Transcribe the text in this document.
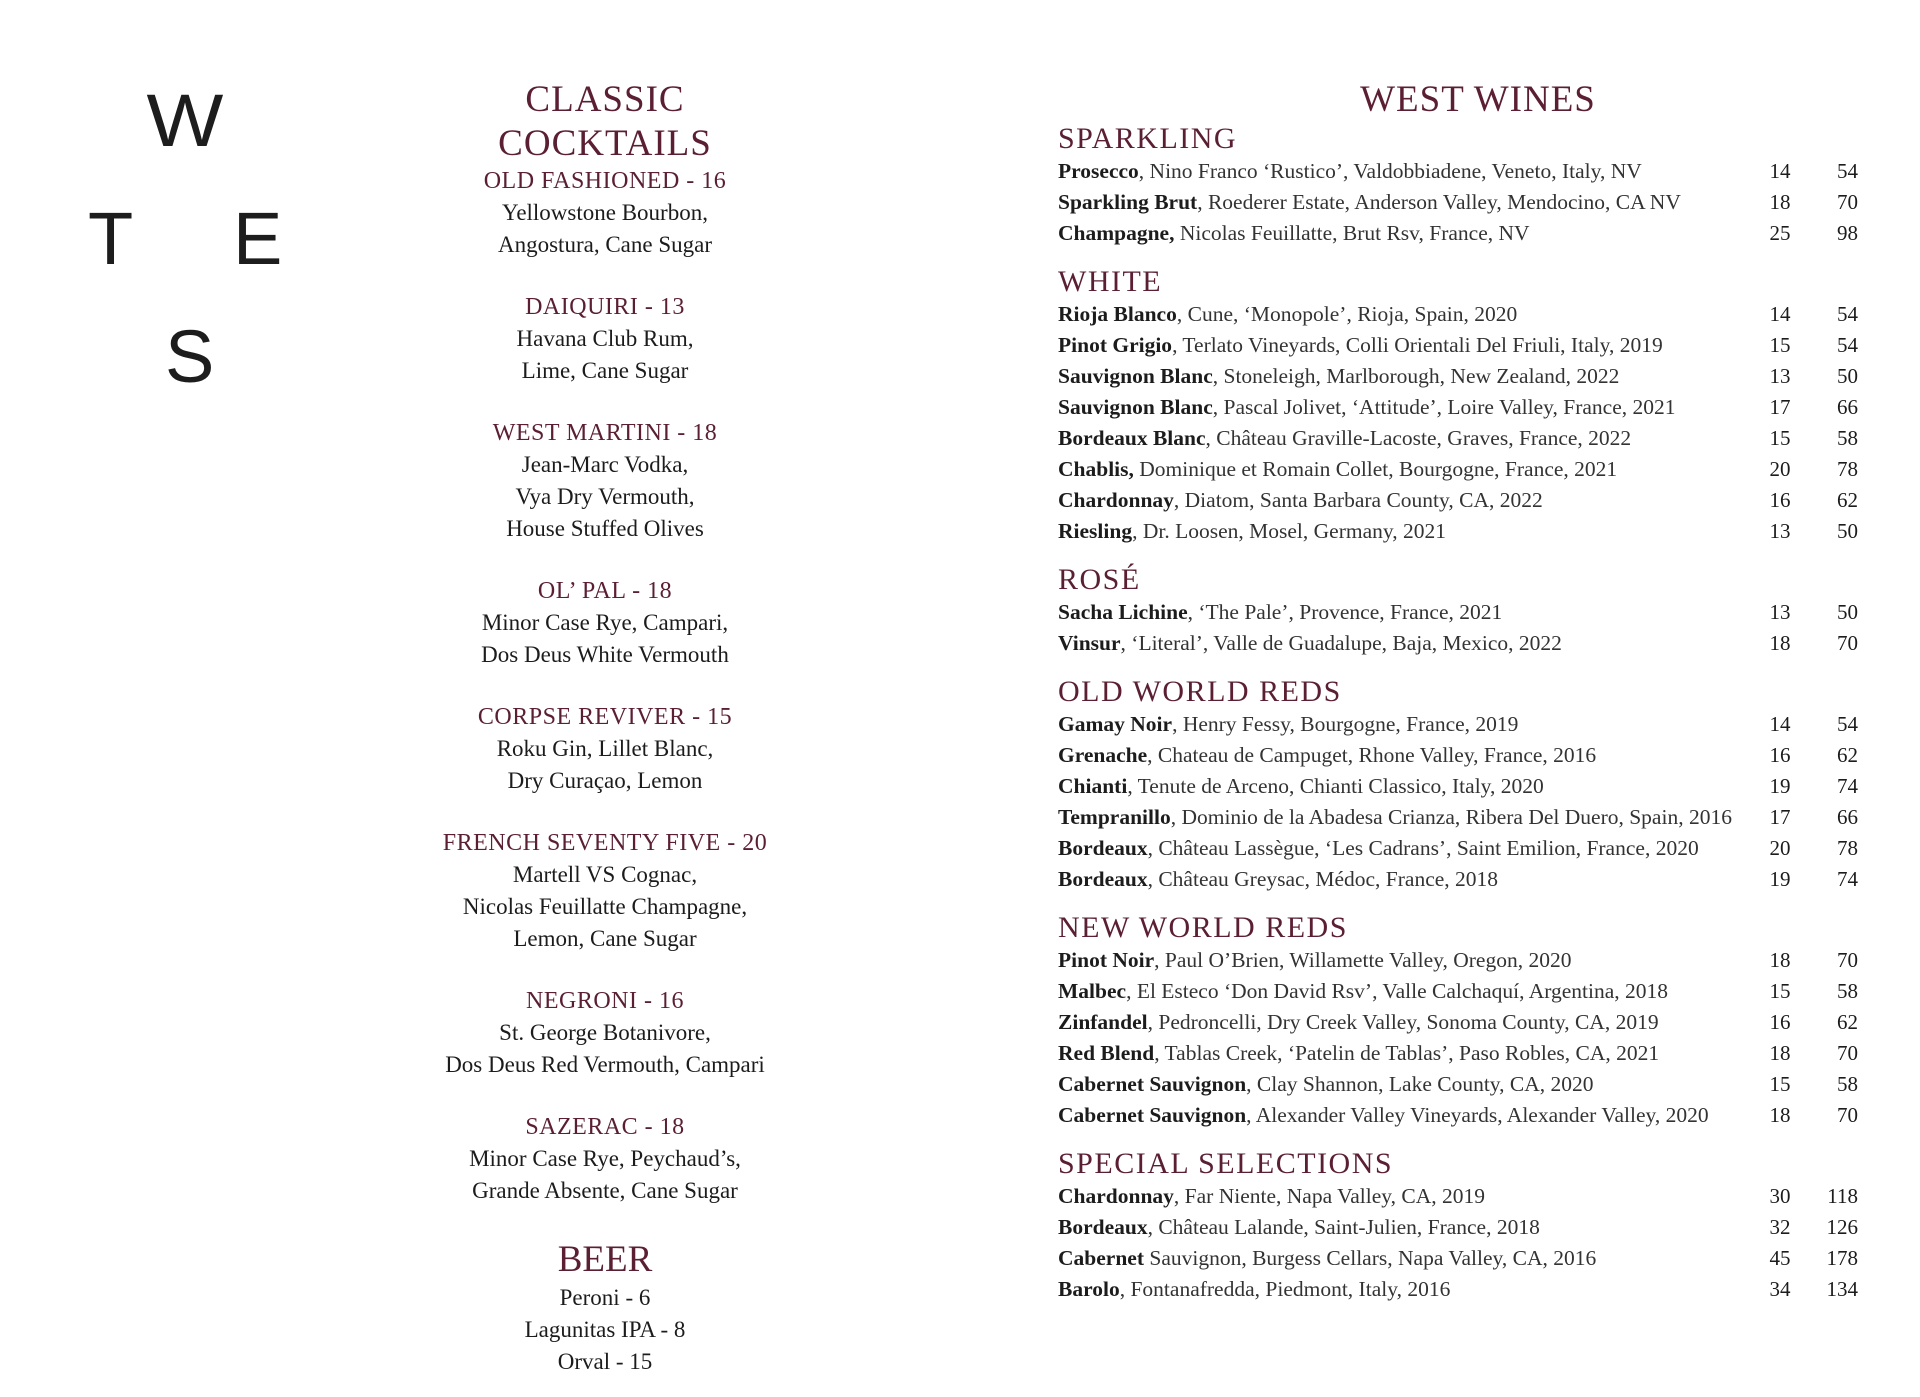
W
T E
S
CLASSIC COCKTAILS
OLD FASHIONED - 16
Yellowstone Bourbon,
Angostura, Cane Sugar
DAIQUIRI - 13
Havana Club Rum,
Lime, Cane Sugar
WEST MARTINI - 18
Jean-Marc Vodka,
Vya Dry Vermouth,
House Stuffed Olives
OL’ PAL - 18
Minor Case Rye, Campari,
Dos Deus White Vermouth
CORPSE REVIVER - 15
Roku Gin, Lillet Blanc,
Dry Curaçao, Lemon
FRENCH SEVENTY FIVE - 20
Martell VS Cognac,
Nicolas Feuillatte Champagne,
Lemon, Cane Sugar
NEGRONI - 16
St. George Botanivore,
Dos Deus Red Vermouth, Campari
SAZERAC - 18
Minor Case Rye, Peychaud’s,
Grande Absente, Cane Sugar
BEER
Peroni - 6
Lagunitas IPA - 8
Orval - 15
WEST WINES
SPARKLING
Prosecco, Nino Franco ‘Rustico’, Valdobbiadene, Veneto, Italy, NV	14	54
Sparkling Brut, Roederer Estate, Anderson Valley, Mendocino, CA NV	18	70
Champagne, Nicolas Feuillatte, Brut Rsv, France, NV	25	98
WHITE
Rioja Blanco, Cune, ‘Monopole’, Rioja, Spain, 2020	14	54
Pinot Grigio, Terlato Vineyards, Colli Orientali Del Friuli, Italy, 2019	15	54
Sauvignon Blanc, Stoneleigh, Marlborough, New Zealand, 2022	13	50
Sauvignon Blanc, Pascal Jolivet, ‘Attitude’, Loire Valley, France, 2021	17	66
Bordeaux Blanc, Château Graville-Lacoste, Graves, France, 2022	15	58
Chablis, Dominique et Romain Collet, Bourgogne, France, 2021	20	78
Chardonnay, Diatom, Santa Barbara County, CA, 2022	16	62
Riesling, Dr. Loosen, Mosel, Germany, 2021	13	50
ROSÉ
Sacha Lichine, ‘The Pale’, Provence, France, 2021	13	50
Vinsur, ‘Literal’, Valle de Guadalupe, Baja, Mexico, 2022	18	70
OLD WORLD REDS
Gamay Noir, Henry Fessy, Bourgogne, France, 2019	14	54
Grenache, Chateau de Campuget, Rhone Valley, France, 2016	16	62
Chianti, Tenute de Arceno, Chianti Classico, Italy, 2020	19	74
Tempranillo, Dominio de la Abadesa Crianza, Ribera Del Duero, Spain, 2016	17	66
Bordeaux, Château Lassègue, ‘Les Cadrans’, Saint Emilion, France, 2020	20	78
Bordeaux, Château Greysac, Médoc, France, 2018	19	74
NEW WORLD REDS
Pinot Noir, Paul O’Brien, Willamette Valley, Oregon, 2020	18	70
Malbec, El Esteco ‘Don David Rsv’, Valle Calchaquí, Argentina, 2018	15	58
Zinfandel, Pedroncelli, Dry Creek Valley, Sonoma County, CA, 2019	16	62
Red Blend, Tablas Creek, ‘Patelin de Tablas’, Paso Robles, CA, 2021	18	70
Cabernet Sauvignon, Clay Shannon, Lake County, CA, 2020	15	58
Cabernet Sauvignon, Alexander Valley Vineyards, Alexander Valley, 2020	18	70
SPECIAL SELECTIONS
Chardonnay, Far Niente, Napa Valley, CA, 2019	30	118
Bordeaux, Château Lalande, Saint-Julien, France, 2018	32	126
Cabernet Sauvignon, Burgess Cellars, Napa Valley, CA, 2016	45	178
Barolo, Fontanafredda, Piedmont, Italy, 2016	34	134
